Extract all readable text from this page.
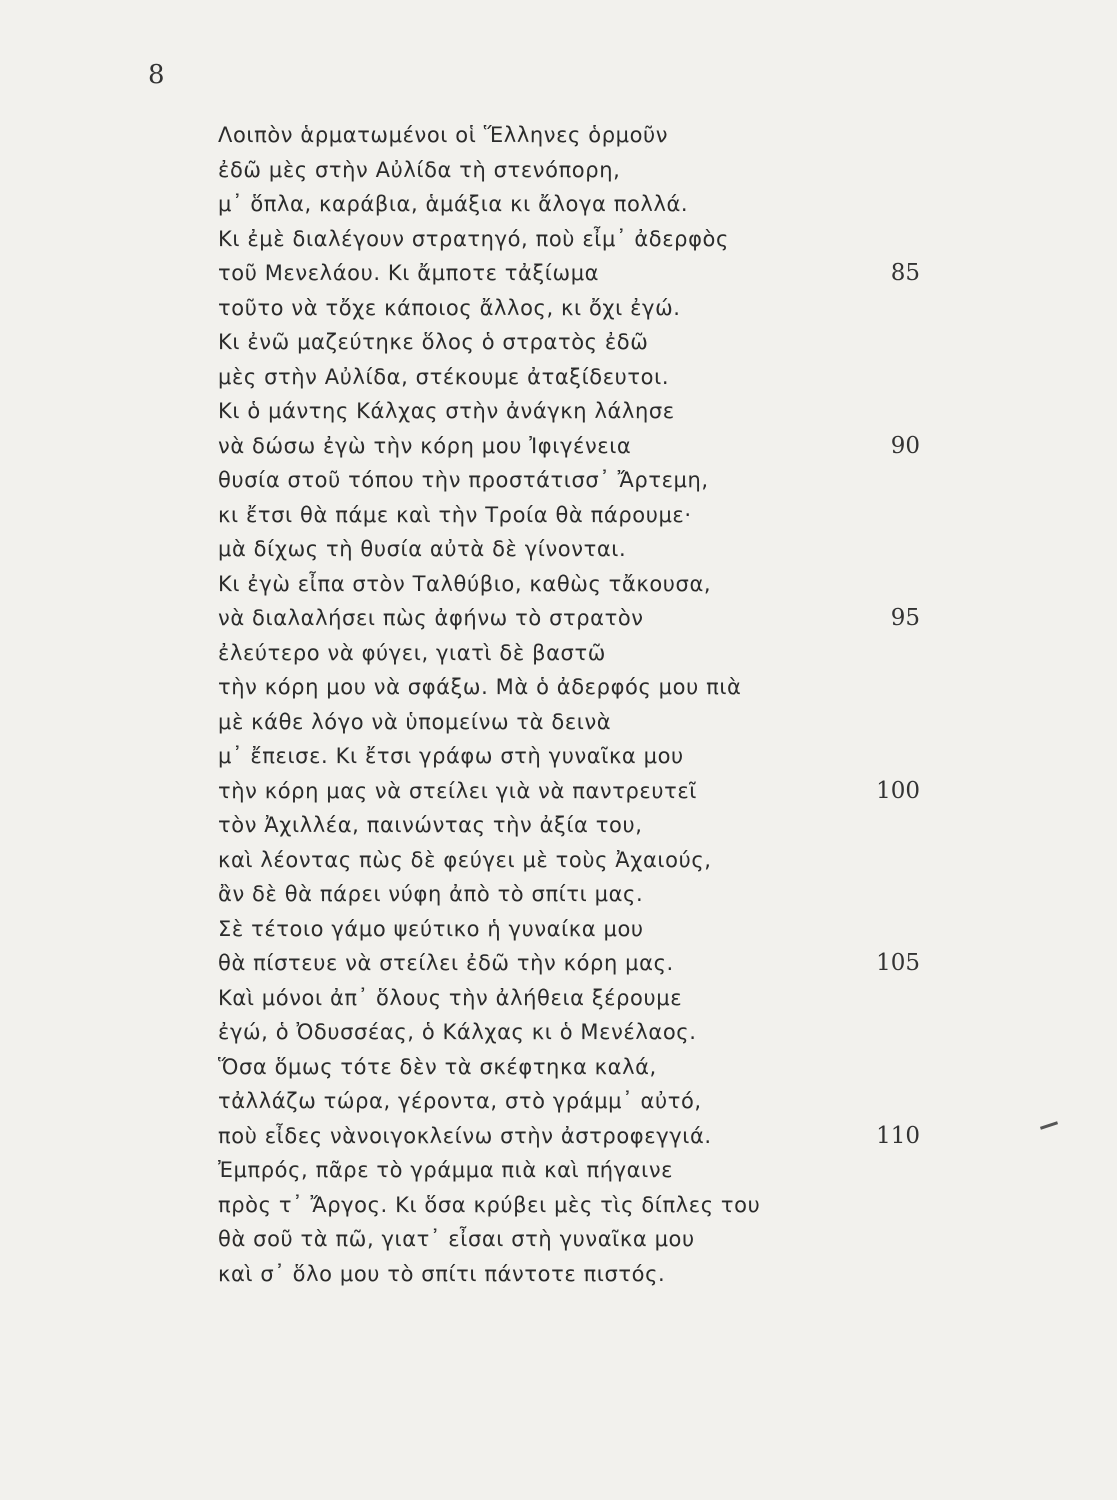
8
Λοιπὸν ἁρματωμένοι οἱ Ἕλληνες ὁρμοῦν
ἐδῶ μὲς στὴν Αὐλίδα τὴ στενόπορη,
μ᾽ ὅπλα, καράβια, ἁμάξια κι ἄλογα πολλά.
Κι ἐμὲ διαλέγουν στρατηγό, ποὺ εἶμ᾽ ἀδερφὸς
τοῦ Μενελάου. Κι ἄμποτε τἀξίωμα
τοῦτο νὰ τὄχε κάποιος ἄλλος, κι ὄχι ἐγώ.
Κι ἐνῶ μαζεύτηκε ὅλος ὁ στρατὸς ἐδῶ
μὲς στὴν Αὐλίδα, στέκουμε ἀταξίδευτοι.
Κι ὁ μάντης Κάλχας στὴν ἀνάγκη λάλησε
νὰ δώσω ἐγὼ τὴν κόρη μου Ἰφιγένεια
θυσία στοῦ τόπου τὴν προστάτισσ᾽ Ἄρτεμη,
κι ἔτσι θὰ πάμε καὶ τὴν Τροία θὰ πάρουμε·
μὰ δίχως τὴ θυσία αὐτὰ δὲ γίνονται.
Κι ἐγὼ εἶπα στὸν Ταλθύβιο, καθὼς τἄκουσα,
νὰ διαλαλήσει πὼς ἀφήνω τὸ στρατὸν
ἐλεύτερο νὰ φύγει, γιατὶ δὲ βαστῶ
τὴν κόρη μου νὰ σφάξω. Μὰ ὁ ἀδερφός μου πιὰ
μὲ κάθε λόγο νὰ ὑπομείνω τὰ δεινὰ
μ᾽ ἔπεισε. Κι ἔτσι γράφω στὴ γυναῖκα μου
τὴν κόρη μας νὰ στείλει γιὰ νὰ παντρευτεῖ
τὸν Ἀχιλλέα, παινώντας τὴν ἀξία του,
καὶ λέοντας πὼς δὲ φεύγει μὲ τοὺς Ἀχαιούς,
ἂν δὲ θὰ πάρει νύφη ἀπὸ τὸ σπίτι μας.
Σὲ τέτοιο γάμο ψεύτικο ἡ γυναίκα μου
θὰ πίστευε νὰ στείλει ἐδῶ τὴν κόρη μας.
Καὶ μόνοι ἀπ᾽ ὅλους τὴν ἀλήθεια ξέρουμε
ἐγώ, ὁ Ὀδυσσέας, ὁ Κάλχας κι ὁ Μενέλαος.
Ὅσα ὅμως τότε δὲν τὰ σκέφτηκα καλά,
τἀλλάζω τώρα, γέροντα, στὸ γράμμ᾽ αὐτό,
ποὺ εἶδες νὰνοιγοκλείνω στὴν ἀστροφεγγιά.
Ἐμπρός, πᾶρε τὸ γράμμα πιὰ καὶ πήγαινε
πρὸς τ᾽ Ἄργος. Κι ὅσα κρύβει μὲς τὶς δίπλες του
θὰ σοῦ τὰ πῶ, γιατ᾽ εἶσαι στὴ γυναῖκα μου
καὶ σ᾽ ὅλο μου τὸ σπίτι πάντοτε πιστός.
85
90
95
100
105
110
